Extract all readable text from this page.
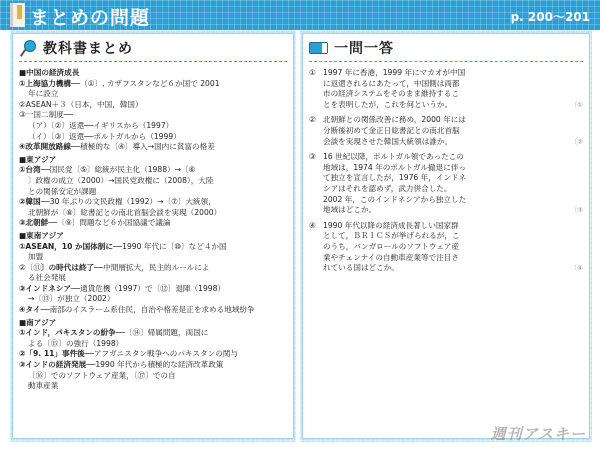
まとめの問題	p. 200〜201
教科書まとめ
■中国の経済成長
①上海協力機構──（①〕, カザフスタンなど６か国で 2001
年に設立
②ASEAN＋３（日本，中国，韓国）
③一国二制度──
（ア）〔②〕返還──イギリスから（1997）
（イ）〔③〕返還──ポルトガルから（1999）
④改革開放路線──積極的な〔④〕導入→国内に貧富の格差
■東アジア
①台湾──国民党〔⑤〕総統が民主化（1988）→〔⑥
〕政権の成立（2000）→国民党政権に（2008），大陸
との関係安定が課題
②韓国──30 年ぶりの文民政権（1992）→〔⑦〕大統領，
北朝鮮が〔⑧〕総書記との南北首脳会談を実現（2000）
③北朝鮮──〔⑨〕問題など６か国協議で議論
■東南アジア
①ASEAN，10 か国体制に──1990 年代に〔⑩〕など４か国
加盟
②〔⑪〕の時代は終了──中間層拡大，民主的ルールによ
る社会発展
③インドネシア──通貨危機（1997）で〔⑫〕退陣（1998）
→〔⑬〕が独立（2002）
④タイ──南部のイスラーム系住民，自治や格差是正を求める地域紛争
■南アジア
①インド，パキスタンの紛争──〔⑭〕帰属問題，両国に
よる〔⑮〕の強行（1998）
②「9. 11」事件後──アフガニスタン戦争へのパキスタンの関与
③インドの経済発展──1990 年代から積極的な経済改革政策
〔⑯〕でのソフトウェア産業，〔⑰〕での自
動車産業
一問一答
① 1997 年に香港，1999 年にマカオが中国
に返還されるにあたって，中国側は両都
市の経済システムをそのまま維持するこ
とを表明したが，これを何というか。	〔①
② 北朝鮮との関係改善に務め，2000 年には
分断後初めて金正日総書記との南北首脳
会談を実現させた韓国大統領は誰か。	〔②
③ 16 世紀以降，ポルトガル領であったこの
地域は，1974 年のポルトガル撤退に伴っ
て独立を宣言したが，1976 年，インドネ
シアはそれを認めず，武力併合した。
2002 年，このインドネシアから独立した
地域はどこか。	〔③
④ 1990 年代以降の経済成長著しい国家群
として，ＢＲＩＣＳが挙げられるが，こ
のうち，バンガロールのソフトウェア産
業やチェンナイの自動車産業等で注目さ
れている国はどこか。	〔④
週刊アスキー
